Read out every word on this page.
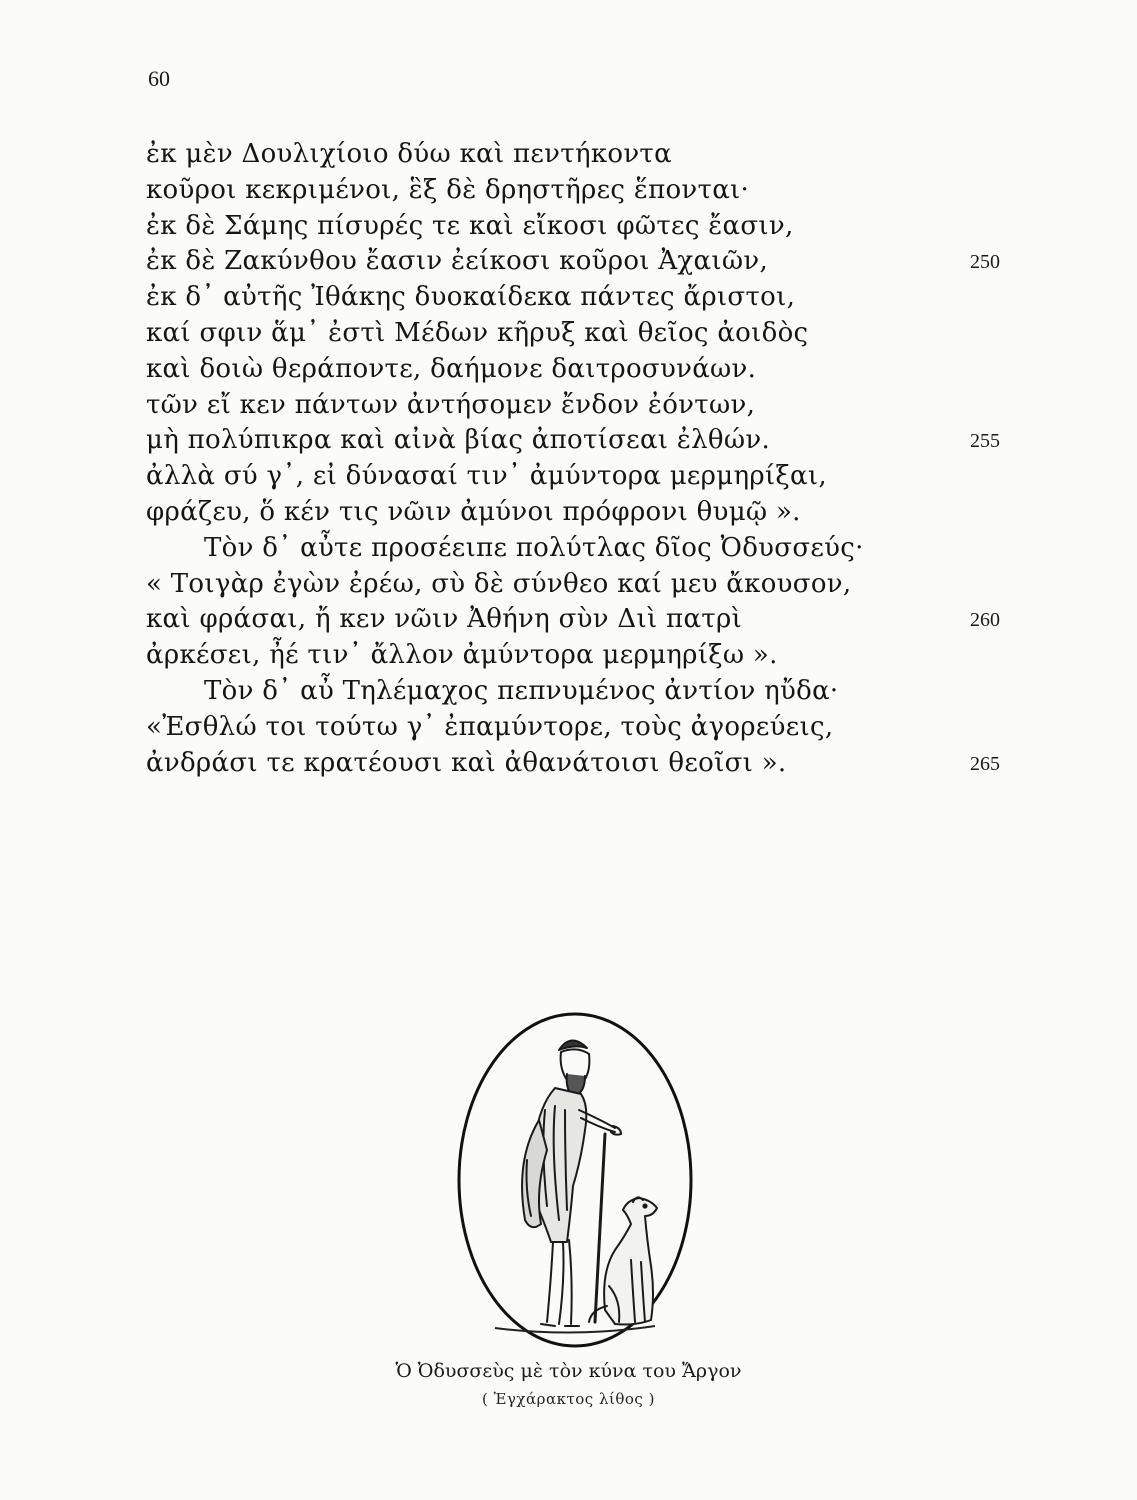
60
ἐκ μὲν Δουλιχίοιο δύω καὶ πεντήκοντα
κοῦροι κεκριμένοι, ἓξ δὲ δρηστῆρες ἕπονται·
ἐκ δὲ Σάμης πίσυρές τε καὶ εἴκοσι φῶτες ἔασιν,
ἐκ δὲ Ζακύνθου ἔασιν ἐείκοσι κοῦροι Ἀχαιῶν,	250
ἐκ δ᾽ αὐτῆς Ἰθάκης δυοκαίδεκα πάντες ἄριστοι,
καί σφιν ἅμ᾽ ἐστὶ Μέδων κῆρυξ καὶ θεῖος ἀοιδὸς
καὶ δοιὼ θεράποντε, δαήμονε δαιτροσυνάων.
τῶν εἴ κεν πάντων ἀντήσομεν ἔνδον ἐόντων,
μὴ πολύπικρα καὶ αἰνὰ βίας ἀποτίσεαι ἐλθών.	255
ἀλλὰ σύ γ᾽, εἰ δύνασαί τιν᾽ ἀμύντορα μερμηρίξαι,
φράζευ, ὅ κέν τις νῶιν ἀμύνοι πρόφρονι θυμῷ ».
Τὸν δ᾽ αὖτε προσέειπε πολύτλας δῖος Ὀδυσσεύς·
« Τοιγὰρ ἐγὼν ἐρέω, σὺ δὲ σύνθεο καί μευ ἄκουσον,
καὶ φράσαι, ἤ κεν νῶιν Ἀθήνη σὺν Διὶ πατρὶ	260
ἀρκέσει, ἦέ τιν᾽ ἄλλον ἀμύντορα μερμηρίξω ».
Τὸν δ᾽ αὖ Τηλέμαχος πεπνυμένος ἀντίον ηὔδα·
«Ἐσθλώ τοι τούτω γ᾽ ἐπαμύντορε, τοὺς ἀγορεύεις,
ἀνδράσι τε κρατέουσι καὶ ἀθανάτοισι θεοῖσι ».	265
Ὁ Ὀδυσσεὺς μὲ τὸν κύνα του Ἄργον
( Ἐγχάρακτος λίθος )
